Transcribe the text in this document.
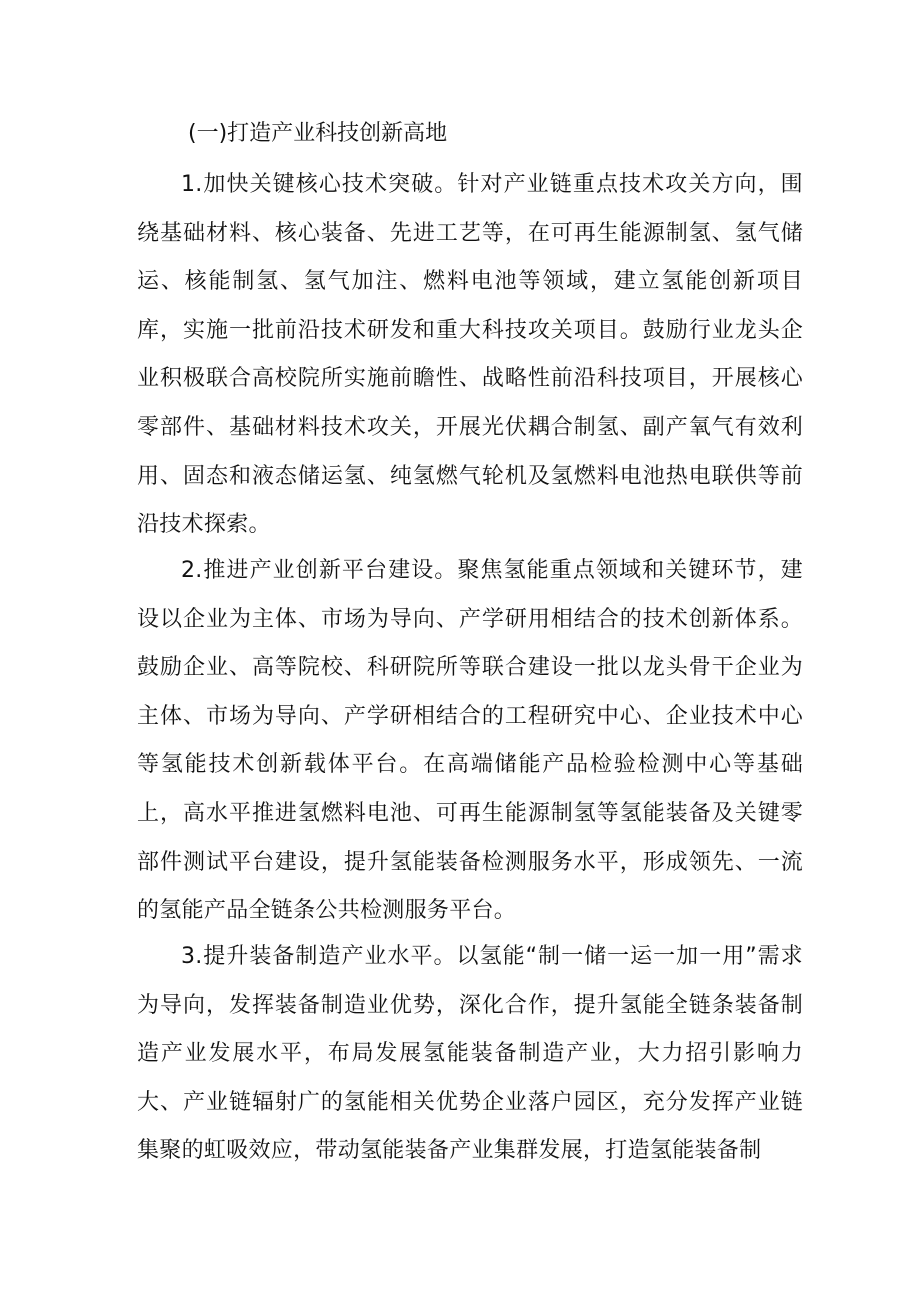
(一)打造产业科技创新高地

1.加快关键核心技术突破。针对产业链重点技术攻关方向，围绕基础材料、核心装备、先进工艺等，在可再生能源制氢、氢气储运、核能制氢、氢气加注、燃料电池等领域，建立氢能创新项目库，实施一批前沿技术研发和重大科技攻关项目。鼓励行业龙头企业积极联合高校院所实施前瞻性、战略性前沿科技项目，开展核心零部件、基础材料技术攻关，开展光伏耦合制氢、副产氧气有效利用、固态和液态储运氢、纯氢燃气轮机及氢燃料电池热电联供等前沿技术探索。

2.推进产业创新平台建设。聚焦氢能重点领域和关键环节，建设以企业为主体、市场为导向、产学研用相结合的技术创新体系。鼓励企业、高等院校、科研院所等联合建设一批以龙头骨干企业为主体、市场为导向、产学研相结合的工程研究中心、企业技术中心等氢能技术创新载体平台。在高端储能产品检验检测中心等基础上，高水平推进氢燃料电池、可再生能源制氢等氢能装备及关键零部件测试平台建设，提升氢能装备检测服务水平，形成领先、一流的氢能产品全链条公共检测服务平台。

3.提升装备制造产业水平。以氢能“制一储一运一加一用”需求为导向，发挥装备制造业优势，深化合作，提升氢能全链条装备制造产业发展水平，布局发展氢能装备制造产业，大力招引影响力大、产业链辐射广的氢能相关优势企业落户园区，充分发挥产业链集聚的虹吸效应，带动氢能装备产业集群发展，打造氢能装备制
